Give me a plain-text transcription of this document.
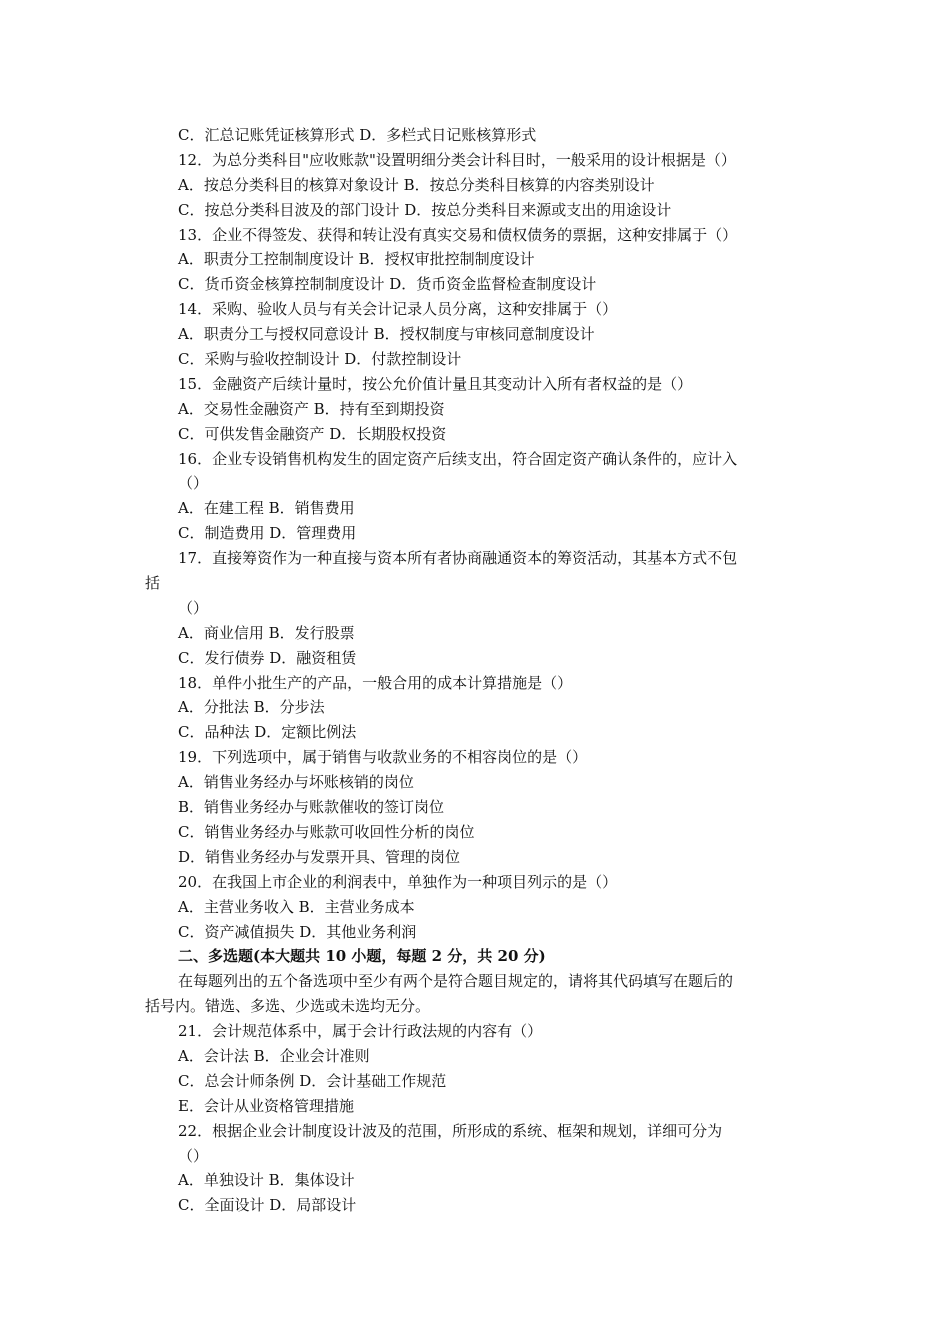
C．汇总记账凭证核算形式 D．多栏式日记账核算形式
12．为总分类科目"应收账款"设置明细分类会计科目时，一般采用的设计根据是（）
A．按总分类科目的核算对象设计 B．按总分类科目核算的内容类别设计
C．按总分类科目波及的部门设计 D．按总分类科目来源或支出的用途设计
13．企业不得签发、获得和转让没有真实交易和债权债务的票据，这种安排属于（）
A．职责分工控制制度设计 B．授权审批控制制度设计
C．货币资金核算控制制度设计 D．货币资金监督检查制度设计
14．采购、验收人员与有关会计记录人员分离，这种安排属于（）
A．职责分工与授权同意设计 B．授权制度与审核同意制度设计
C．采购与验收控制设计 D．付款控制设计
15．金融资产后续计量时，按公允价值计量且其变动计入所有者权益的是（）
A．交易性金融资产 B．持有至到期投资
C．可供发售金融资产 D．长期股权投资
16．企业专设销售机构发生的固定资产后续支出，符合固定资产确认条件的，应计入
（）
A．在建工程 B．销售费用
C．制造费用 D．管理费用
17．直接筹资作为一种直接与资本所有者协商融通资本的筹资活动，其基本方式不包
括
（）
A．商业信用 B．发行股票
C．发行债券 D．融资租赁
18．单件小批生产的产品，一般合用的成本计算措施是（）
A．分批法 B．分步法
C．品种法 D．定额比例法
19．下列选项中，属于销售与收款业务的不相容岗位的是（）
A．销售业务经办与坏账核销的岗位
B．销售业务经办与账款催收的签订岗位
C．销售业务经办与账款可收回性分析的岗位
D．销售业务经办与发票开具、管理的岗位
20．在我国上市企业的利润表中，单独作为一种项目列示的是（）
A．主营业务收入 B．主营业务成本
C．资产减值损失 D．其他业务利润
二、多选题(本大题共 10 小题，每题 2 分，共 20 分)
在每题列出的五个备选项中至少有两个是符合题目规定的，请将其代码填写在题后的
括号内。错选、多选、少选或未选均无分。
21．会计规范体系中，属于会计行政法规的内容有（）
A．会计法 B．企业会计准则
C．总会计师条例 D．会计基础工作规范
E．会计从业资格管理措施
22．根据企业会计制度设计波及的范围，所形成的系统、框架和规划，详细可分为
（）
A．单独设计 B．集体设计
C．全面设计 D．局部设计
